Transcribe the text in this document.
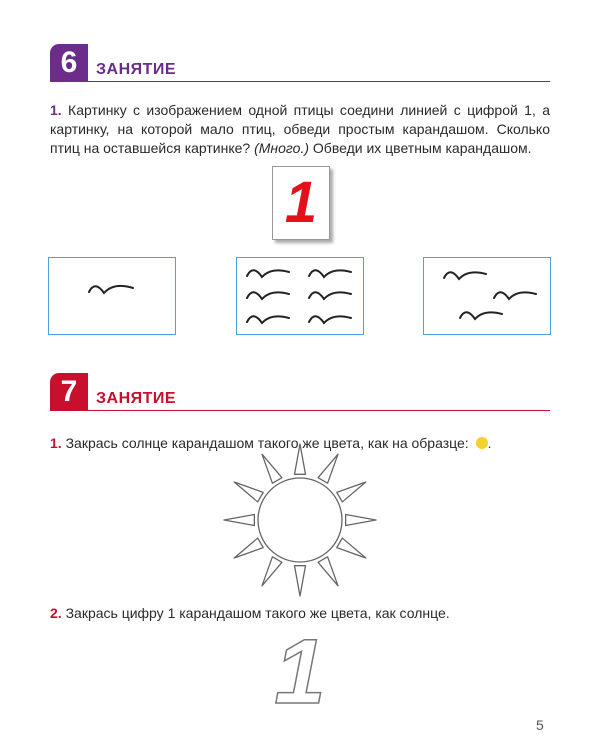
6	ЗАНЯТИЕ
1. Картинку с изображением одной птицы соедини линией с цифрой 1, а картинку, на которой мало птиц, обведи простым карандашом. Сколько птиц на оставшейся картинке? (Много.) Обведи их цветным карандашом.
1
7	ЗАНЯТИЕ
1. Закрась солнце карандашом такого же цвета, как на образце: .
2. Закрась цифру 1 карандашом такого же цвета, как солнце.
1
5
